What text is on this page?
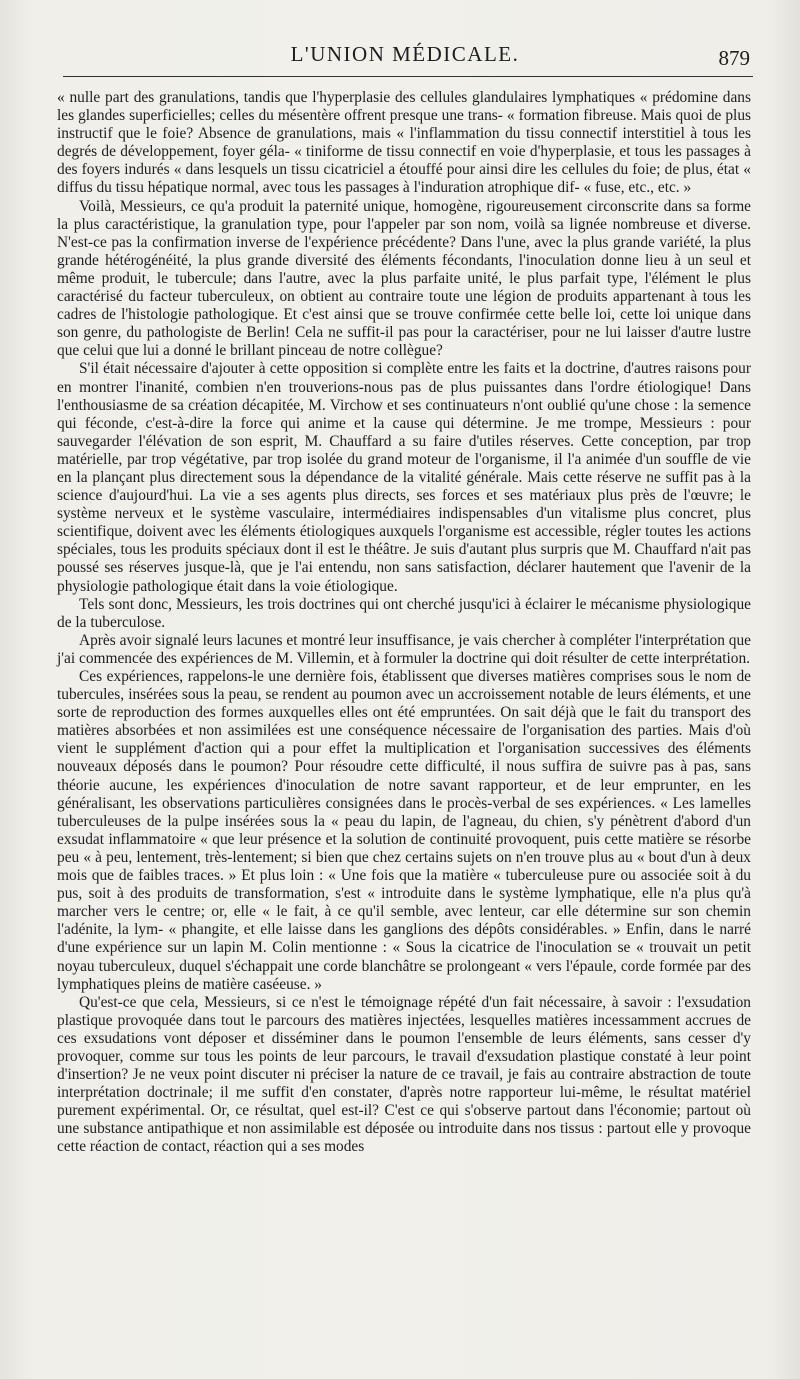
L'UNION MÉDICALE.	879

« nulle part des granulations, tandis que l'hyperplasie des cellules glandulaires lymphatiques « prédomine dans les glandes superficielles; celles du mésentère offrent presque une trans- « formation fibreuse. Mais quoi de plus instructif que le foie? Absence de granulations, mais « l'inflammation du tissu connectif interstitiel à tous les degrés de développement, foyer géla- « tiniforme de tissu connectif en voie d'hyperplasie, et tous les passages à des foyers indurés « dans lesquels un tissu cicatriciel a étouffé pour ainsi dire les cellules du foie; de plus, état « diffus du tissu hépatique normal, avec tous les passages à l'induration atrophique dif- « fuse, etc., etc. »

Voilà, Messieurs, ce qu'a produit la paternité unique, homogène, rigoureusement circonscrite dans sa forme la plus caractéristique, la granulation type, pour l'appeler par son nom, voilà sa lignée nombreuse et diverse. N'est-ce pas la confirmation inverse de l'expérience précédente? Dans l'une, avec la plus grande variété, la plus grande hétérogénéité, la plus grande diversité des éléments fécondants, l'inoculation donne lieu à un seul et même produit, le tubercule; dans l'autre, avec la plus parfaite unité, le plus parfait type, l'élément le plus caractérisé du facteur tuberculeux, on obtient au contraire toute une légion de produits appartenant à tous les cadres de l'histologie pathologique. Et c'est ainsi que se trouve confirmée cette belle loi, cette loi unique dans son genre, du pathologiste de Berlin! Cela ne suffit-il pas pour la caractériser, pour ne lui laisser d'autre lustre que celui que lui a donné le brillant pinceau de notre collègue?

S'il était nécessaire d'ajouter à cette opposition si complète entre les faits et la doctrine, d'autres raisons pour en montrer l'inanité, combien n'en trouverions-nous pas de plus puissantes dans l'ordre étiologique! Dans l'enthousiasme de sa création décapitée, M. Virchow et ses continuateurs n'ont oublié qu'une chose : la semence qui féconde, c'est-à-dire la force qui anime et la cause qui détermine. Je me trompe, Messieurs : pour sauvegarder l'élévation de son esprit, M. Chauffard a su faire d'utiles réserves. Cette conception, par trop matérielle, par trop végétative, par trop isolée du grand moteur de l'organisme, il l'a animée d'un souffle de vie en la plançant plus directement sous la dépendance de la vitalité générale. Mais cette réserve ne suffit pas à la science d'aujourd'hui. La vie a ses agents plus directs, ses forces et ses matériaux plus près de l'œuvre; le système nerveux et le système vasculaire, intermédiaires indispensables d'un vitalisme plus concret, plus scientifique, doivent avec les éléments étiologiques auxquels l'organisme est accessible, régler toutes les actions spéciales, tous les produits spéciaux dont il est le théâtre. Je suis d'autant plus surpris que M. Chauffard n'ait pas poussé ses réserves jusque-là, que je l'ai entendu, non sans satisfaction, déclarer hautement que l'avenir de la physiologie pathologique était dans la voie étiologique.

Tels sont donc, Messieurs, les trois doctrines qui ont cherché jusqu'ici à éclairer le mécanisme physiologique de la tuberculose.

Après avoir signalé leurs lacunes et montré leur insuffisance, je vais chercher à compléter l'interprétation que j'ai commencée des expériences de M. Villemin, et à formuler la doctrine qui doit résulter de cette interprétation.

Ces expériences, rappelons-le une dernière fois, établissent que diverses matières comprises sous le nom de tubercules, insérées sous la peau, se rendent au poumon avec un accroissement notable de leurs éléments, et une sorte de reproduction des formes auxquelles elles ont été empruntées. On sait déjà que le fait du transport des matières absorbées et non assimilées est une conséquence nécessaire de l'organisation des parties. Mais d'où vient le supplément d'action qui a pour effet la multiplication et l'organisation successives des éléments nouveaux déposés dans le poumon? Pour résoudre cette difficulté, il nous suffira de suivre pas à pas, sans théorie aucune, les expériences d'inoculation de notre savant rapporteur, et de leur emprunter, en les généralisant, les observations particulières consignées dans le procès-verbal de ses expériences. « Les lamelles tuberculeuses de la pulpe insérées sous la « peau du lapin, de l'agneau, du chien, s'y pénètrent d'abord d'un exsudat inflammatoire « que leur présence et la solution de continuité provoquent, puis cette matière se résorbe peu « à peu, lentement, très-lentement; si bien que chez certains sujets on n'en trouve plus au « bout d'un à deux mois que de faibles traces. » Et plus loin : « Une fois que la matière « tuberculeuse pure ou associée soit à du pus, soit à des produits de transformation, s'est « introduite dans le système lymphatique, elle n'a plus qu'à marcher vers le centre; or, elle « le fait, à ce qu'il semble, avec lenteur, car elle détermine sur son chemin l'adénite, la lym- « phangite, et elle laisse dans les ganglions des dépôts considérables. » Enfin, dans le narré d'une expérience sur un lapin M. Colin mentionne : « Sous la cicatrice de l'inoculation se « trouvait un petit noyau tuberculeux, duquel s'échappait une corde blanchâtre se prolongeant « vers l'épaule, corde formée par des lymphatiques pleins de matière caséeuse. »

Qu'est-ce que cela, Messieurs, si ce n'est le témoignage répété d'un fait nécessaire, à savoir : l'exsudation plastique provoquée dans tout le parcours des matières injectées, lesquelles matières incessamment accrues de ces exsudations vont déposer et disséminer dans le poumon l'ensemble de leurs éléments, sans cesser d'y provoquer, comme sur tous les points de leur parcours, le travail d'exsudation plastique constaté à leur point d'insertion? Je ne veux point discuter ni préciser la nature de ce travail, je fais au contraire abstraction de toute interprétation doctrinale; il me suffit d'en constater, d'après notre rapporteur lui-même, le résultat matériel purement expérimental. Or, ce résultat, quel est-il? C'est ce qui s'observe partout dans l'économie; partout où une substance antipathique et non assimilable est déposée ou introduite dans nos tissus : partout elle y provoque cette réaction de contact, réaction qui a ses modes
